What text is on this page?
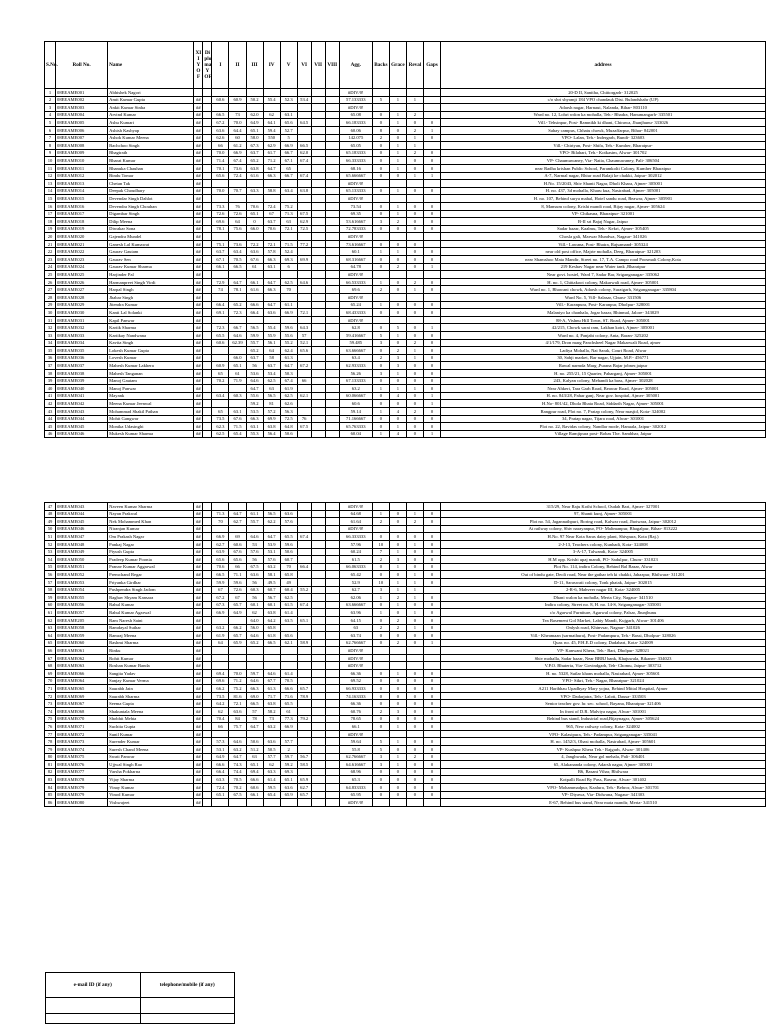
S.No.	Roll No.	Name	XI I Y O F	Di plo ma Y OF	I	II	III	IV	V	VI	VII	VIII	Agg.	Backs	Grace	Reval	Gaps	address
1	08EEAME001	Abhishek Nagori											#DIV/0!					20-D II, Sanitha, Chittorgarh- 312025
2	08EEAME002	Amit Kumar Gupta	##		60.6	60.9	50.2	55.4	52.3	53.4			57.133333	5	1	1		c/o shri shyamji 184 VPO chandauk Dist. Bulandshahr (UP)
3	08EEAME003	Ankit Kumar Sinha	##										#DIV/0!					Adarsh nagar, Harnaut, Nalanda, Bihar- 803110
4	08EEAME004	Arvind Kumar	##		66.5	73	62.0	62	63.1				65.08	0	1	2		Ward no. 12, Lohri wdon ka mohalla, Teh.- Bhadra, Hanumangarh- 335501
5	08EEAME005	Ashu Kumari	##		67.2	70.0	64.9	64.1	65.6	64.5			66.183333	0	1	0	0	Vill.- Tehsinpur, Post- Ramnikh ki dhani, Chirawa, Jhunjhunu- 333026
6	08EEAME006	Ashish Kashyap	##		63.6	64.4	65.1	59.4	52.7				60.06	8	0	2	1	Sahay campus, Chhatu chowk, Muzaffarpur, Bihar- 842001
7	08EEAME007	Ashok Kumar Meena	##		62.6	60	58.0	550	5				142.075	2	0	1	0	VPO- Lalan, Teh.- Indergarh, Bundi- 323603
8	08EEAME008	Bachchoo Singh	##		66	61.2	67.3	62.9	66.9	66.5			65.05	0	1	1		Vill.- Chiriyan, Post- Shifa, Teh.- Kumher, Bharatpur-
9	08EEAME009	Bhagirath	##		70.0	66.9	63.7	61.7	66.7	62.0			65.183333	0	1	2	0	VPO- Bilahari, Teh.- Kotkasim, Alwar- 301702
10	08EEAME010	Bharat Kumar	##		71.4	67.4	65.2	71.2	67.1	67.4			66.333333	0	1	0	0	VP- Chaumuwaney, Via- Natia, Chaumuwaney, Pali- 306504
11	08EEAME011	Bhanuka Chauhan	##		70.1	73.6	63.8	64.7	65				68.16	0	1	0	0	near Radha krishan Public School, Paramkolti Colony, Kumher Bharatpur
12	08EEAME012	Bindu Tomar	##		65.6	72.4	61.6	66.3	66.7	67.4			65.666667	0	0	1	1	A-7, Narmal nagar, Bhiur road Balaji ke chakki, Jaipur- 302012
13	08EEAME013	Chetan Tak	##										#DIV/0!					H.No. 15/2043, Shiv Shanti Nagar, Dholi Khara, Ajmer- 305001
14	08EEAME014	Deepak Choudhary	##		70.0	70.7	63.3	58.8	63.4	63.8			65.133333	0	1	0	0	H. no. 437, 3d mohalla, Kharu kua, Nasirabad, Ajmer- 305001
15	08EEAME015	Devendar Singh Dahlot	##										#DIV/0!					H. no. 107, Behind surya mahal, Hotel sandu road, Beawar, Ajmer- 305901
16	08EEAME016	Devendra Singh Chouhan	##		73.3	76	70.6	72.4	75.2				73.54	0	1	0	0	8, Mansum colony, Krishi mandi road, Bijay nagar, Ajmer- 305624
17	08EEAME017	Digambar Singh	##		72.6	72.6	65.1	67	71.3	67.5			69.35	0	1	0	0	VP- Chikasna, Bharatpur- 321001
18	08EEAME018	Dilip Meena	##		69.6	64	0	63.7	63	62.9			53.616667	3	2	0	0	B-II sri Bajaj Nagar, Jaipur
19	08EEAME019	Diwakar Sona	##		78.1	75.6	66.0	70.6	72.1	72.5			72.783333	0	0	0	0	Sadar bazar, Kaalmu, Teh.- Kekri, Ajmer- 305405
20	08EEAME020	Gajendra Mundel	##										#DIV/0!					Chosla gali, Marwar Mundwa, Nagaur- 341026
21	08EEAME021	Ganesh Lal Kumawat	##		75.1	73.6	72.2	72.1	71.5	77.2			73.616667	0	0	0		Vill.- Lawana, Post- Bhatra, Rajsamand- 305324
22	08EEAME022	Gaurav Gautam	##		63.7	63.4	63.6	57.8	52.4				60.1	1	1	0	0	near old post office, Majrie mohalla, Deeg, Bharatpur- 321203
23	08EEAME023	Gaurav Sen	##		67.1	70.5	67.6	66.3	69.3	69.9			68.316667	0	0	0	0	near Shamshoo Mata Mandir, Street no. 17, T.A. Campo road Poosmalt Colony,Kota
24	08EEAME024	Gaurav Kumar Sharma	##		66.1	66.5	61	63.1	6				64.78	0	2	0	1	219 Keshav Nagar near Water tank ,Bharatpur
25	08EEAME025	Harjinder Pal	##										#DIV/0!					Near govt. hostel, Ward 7, Sadar Bar, Sriganganagar- 335062
26	08EEAME026	Harmanpreet Singh Virdi	##		72.9	64.7	66.1	64.7	62.5	64.6			66.533333	1	0	2	0	H. no. 1, Chittakoot colony, Makarwali road, Ajmer- 305001
27	08EEAME027	Harpal Singh	##		74	78.1	61.6	66.3	70				69.6	2	0	1	0	Ward no. 1, Bhawani chowk, Adarsh colony, Suratgarh, Sriganganagar- 335804
28	08EEAME028	Jhabar Singh	##										#DIV/0!					Ward No. 5, Vill- Salasar, Churu- 331506
29	08EEAME029	Jitendra Kumar	##		66.4	65.2	66.6	64.7	61.1				65.24	1	0	0	0	Vill.- Karanpura, Post- Karanpur, Dholpur- 328001
30	08EEAME030	Kanti Lal Solanki	##		69.1	72.3	66.4	63.6	66.9	72.1			68.433333	0	0	0	0	Malaniyo ka chanhala, Jogar bazar, Bhinmal, Jalore- 343029
31	08EEAME031	Kapil Panwar	##										#DIV/0!					88-A, Vishnu Hill Town, ST. Road, Ajmer- 305001
32	08EEAME032	Kartik Sharma	##		72.3	66.7	56.5	55.4	59.6	64.3			62.8	0	5	0	1	42/215, Chowk sarai ram, Lakhan kotri, Ajmer- 305001
33	08EEAME033	Kartikay Nandwana	##		65.5	64.6	59.9	55.9	55.6	57			59.416667	5	1	0	0	Ward no. 4, Panjabi colony, Anta, Baran- 325202
34	08EEAME034	Kavita Singh	##		60.6	62.39	55.7	56.1	55.2	52.1			59.485	3	0	2	0	4/1/179, Dron marg Panchsheel Nagar Makarwali Road, ajmer
35	08EEAME035	Lokesh Kumar Gupta	##				65.2	64	62.4	65.6			63.666667	0	2	1	0	Ladiya Mohalla, Nai Sarak, Court Road, Alwar
36	08EEAME036	Lovesh Kumar	##			66.0	63.7	58	61.3				63.4	2	3	1	0	30, Sabji market, Bar nagar, Ujjain, M.P.- 456771
37	08EEAME037	Mahesh Kumar Lakhera	##		60.9	65.1	56	63.7	64.7	67.2			62.933333	0	3	0	0	Rawal narmda Marg ,Purana Bajar jobner,jaipur
38	08EEAME038	Mahesh Tanganan	##		65	61	53.6	53.4	50.3				56.26	3	1	0	0	H. no. 255/21, 15 Quarter, Paharganj, Ajmer- 305001
39	08EEAME039	Manoj Gautam	##		70.2	71.9	64.6	62.5	67.4	66			67.133333	0	0	0	0	243, Kalyan colony, Mehandi ka bass, Ajmer- 302028
40	08EEAME040	Manoj Panwar	##				64.7	63	61.9				63.2	1	1	1	0	Near Ahkeri, Tara Garh Road, Beawar Road, Ajmer- 305001
41	08EEAME041	Mayank	##		63.4	60.3	55.6	56.5	62.5	62.1			60.066667	0	4	0	1	H. no. 843/28, Pahar ganj, Near gov. hospital, Ajmer- 305001
42	08EEAME042	Meena Kumar Jeenwal	##				59.2	81	62.6				60.6	0	0	0	1	H.No- 801/42, Dhola Bhata Road, Siddarth Nagar, Ajmer- 305001
43	08EEAME043	Mohammad Shakil Pathan	##		65	63.1	53.5	57.2	56.3				59.14	1	4	2	0	Rangpur road, Plot no. 7, Pratap colony, Near masjid, Kota- 324002
44	08EEAME044	Mohit Gangwar	##		73.5	67.6	66.3	69.9	72.5	76			71.166667	0	0	0	0	34, Pratap nagar, Tijara road, Alwar- 301001
45	08EEAME045	Monika Udasinghi	##		62.3	71.5	63.1	63.8	64.8	67.5			65.763333	0	1	0	0	Plot no. 22, Ravidas colony, Nandlar mode, Hanuala, Jaipur- 302012
46	08EEAME046	Mukesh Kumar Sharma	##		62.5	65.4	55.3	56.4	50.6				60.04	1	4	0	1	Village Ramjipura post- Bobas The. Sambhar, Jaipur
47	08EEAME043	Naveen Kumar Sharma	##										#DIV/0!					315/29, Near Raju Kothi School, Oudah Bari, Ajmer- 327001
48	08EEAME044	Nayan Prakwal	##		71.3	64.7	61.1	56.5	63.6				64.68	1	0	1	0	97, Shanti kunj, Ajmer- 305001
49	08EEAME045	Nek Mohammed Khan	##		70	62.7	55.7	62.2	57.6				61.64	2	0	2	0	Plot no. 54, Jagannathpuri, Boring road, Kalwar road, Jhotwara, Jaipur- 302012
50	08EEAME046	Niranjan Kumar	##										#DIV/0!					At railway colony, Shiv narayanpur, PO- Maltmanpur, Bhagalpur, Bihar- 813222
51	08EEAME047	Om Prakash Nagar	##		66.9	69	64.6	64.7	65.5	67.4			66.333333	0	0	0	0	H.No. 97 Near Kota Saras dairy plant, Shivpura, Kota (Raj.)
52	08EEAME048	Pankaj Nagar	##		62.7	60.6	53	53.9	59.6				57.96	10	0	1	0	2-J-13, Teachers colony, Kunhadi, Kota- 324008
53	08EEAME049	Piyush Gupta	##		63.9	67.6	57.6	53.1	50.6				60.24	7	1	0	0	3-A-17, Talwandi, Kota- 324005
54	08EEAME050	Pradeep Kumar Poonia	##		65.6	65.6	56	57.6	60.7				61.5	2	3	0	0	H.M opp. Krishi upaj mandi, PO- Sadulpur, Churu- 331023
55	08EEAME051	Pranav Kumar Aggarwal	##		70.6	66	67.5	63.2	70	66.4			66.063333	0	1	0	0	Plot No. 114, indira Colony, Behind Bal Bazar, Alwar
56	08EEAME052	Premchand Regar	##		66.5	71.1	63.6	58.1	65.8				65.42	0	0	1	0	Out of bindu gate, Deoli road, Near the gathar teh ki chakki, Jahazpur, Bhilwara- 311201
57	08EEAME053	Priyanka Girdhar	##		59.9	59.6	56	49.5	49				52.9	10	1	1	0	D-11, Saraswati colony, Tonk phatak, Jaipur- 302015
58	08EEAME054	Pushpendra Singh Jadom	##		67	72.6	60.3	60.7	60.4	55.2			62.7	3	1	1		2-R-6, Mahveer nagar III, Kota- 324005
59	08EEAME055	Raghav Shyam Kansara	##		67.2	67	56	56.7	62.5				62.06	1	2	1	0	Dhani walon ka mohalla, Merta City, Nagaur- 341510
60	08EEAME056	Rahul Kumar	##		67.3	65.7	60.1	60.1	61.5	67.4			63.666667	0	1	0	0	Indira colony, Street no. 8, H. no. 14-S, Sriganganagar- 335001
61	08EEAME057	Rahul Kumar Agarwal	##		66.9	64.9	62	63.8	61.4				63.96	1	0	1	0	c/o Agarwal Furniture, Agarwal colony, Palsar, Jhunjhunu
62	08EEAME205	Ram Naresh Saini	##				64.0	64.2	63.5	65.1			64.15	0	2	0	0	Tea Basement Gol Market, Labiy Mandi, Kujgarh, Alwar- 301406
63	08EEAME058	Ramdayal Suthar	##		63.2	66.2	56.0	65.8					63	2	2	1	0	Onlysh road, Khinvsar, Nagaur- 341026
64	08EEAME059	Ramraj Meena	##		61.9	65.7	64.6	61.8	65.6				63.74	0	0	0	0	Vill.- Kheamaan (sarmathura), Post- Padampura, Teh.- Bassi, Dholpur- 328026
65	08EEAME060	Rashmi Sharma	##		64	65.9	65.2	66.5	62.1	58.9			62.766667	0	2	0	1	Quar. no. 45, P.H.E.D colony, Dadabari, Kota- 324009
66	08EEAME061	Rinku	##										#DIV/0!					VP- Kanwani Khera, Teh.- Bari, Dholpur- 328021
67	08EEAME062	Rohit Kumar	##										#DIV/0!					Shiv mohalla, Sadar bazar, Near BRBJ bank, Khajuwala, Bikaner- 334023
68	08EEAME063	Roshan Kumar Banda	##										#DIV/0!					V.P.O. Bhuteria, Via- Govindgarh, Teh- Chomu, Jaipur- 303712
69	08EEAME066	Sangita Yadav	##		69.4	70.0	59.7	64.6	61.4				66.36	0	1	0	0	H. no. 5328, Sutlar khans mohalla, Nasirabad, Ajmer- 305601
70	08EEAME064	Sanjay Kumar Verma	##		69.6	71.2	64.6	67.7	70.5				69.52	0	0	0	0	VPO- Sikri, Teh.- Nagar, Bharatpur- 321024
71	08EEAME065	Saurabh Jain	##		66.2	75.2	66.3	61.3	66.6	65.7			66.933333	0	0	0	0	A211 Haribhau Upadhyay Mary yojna, Behind Mittal Hospital, Ajmer
72	08EEAME069	Saurabh Sharma	##		73.5	81.6	69.0	71.7	71.6	78.9			74.163333	0	0	0	0	VPO- Dadarjatra, Teh.- Laloti, Dausa- 333503
73	08EEAME067	Seema Gupta	##		64.2	72.1	66.5	63.8	65.5				66.36	0	0	0	0	Senior teacher gov. hr. sec. school, Bayana, Bharatpur- 321406
74	08EEAME068	Shakuntala Meena	##		62	63.6	57	58.2	61				60.76	2	3	0	0	In front of D.R. Malviya nagar, Alwar- 301001
75	08EEAME070	Shobhit Mehta	##		70.4	84	78	73	77.3	79.2			78.65	0	0	0	0	Behind bus stand, Industrial road,Bijaynagar, Ajmer- 305624
76	08EEAME071	Suchita Gupta	##		66	75.7	64.7	63.2	66.9				66.1	0	1	0	0	965, New railway colony, Kota- 324002
77	08EEAME072	Sunil Kumar	##										#DIV/0!					VPO- Kalasipura, Teh.- Padampur, Sriganganagar- 335041
78	08EEAME073	Surender Kumar	##		57.3	64.6	50.6	63.6	57.7				59.64	5	1	0	0	H. no. 1452/3, Ohasi mohalla, Nasirabad, Ajmer- 305601
79	08EEAME074	Suresh Chand Meena	##		53.1	63.2	51.2	50.5	2				55.8	5	0	0	0	VP- Kushpur Khera Teh.- Rajgarh, Alwar- 301406
80	08EEAME075	Swati Panwar	##		64.9	64.7	63	57.7	59.7	56.7			62.766667	3	1	2	0	4, Janghwada, Near gol mehala, Pali- 306401
81	08EEAME076	Ujjwal Singh Rao	##		66.6	74.3	65.1	62	59.2	58.5			64.616667	3	1	0	0	65, Alakananda colony, Adarsh nagar, Ajmer- 305001
82	08EEAME077	Varsha Pokharna	##		66.4	74.4	69.4	63.3	69.3				68.96	0	0	0	0	B6, Basant Vihar, Bhilwara
83	08EEAME078	Vijay Sharma	##		63.3	70.5	66.6	61.4	65.1	65.9			65.3	0	0	0	0	Kotpalli Road By Pass, Baseur, Alwar- 301402
84	08EEAME079	Vinay Kumar	##		72.4	70.2	60.6	59.5	63.6	62.7			64.833333	0	0	0	0	VPO- Mohammadpur, Kaalura, Teh.- Behror, Alwar- 301701
85	08EEAME079	Vinod Kumar	##		65.1	67.5	66.1	65.4	65.9	65.7			65.95	0	0	0	0	VP- Diyawa, Via- Didwana, Nagaur- 341303
86	08EEAME080	Vishwajeet	##										#DIV/0!					E-67, Behind bus stand, Near mata mandir, Merta- 341510
e-mail ID (if any)	telephone/mobile (if any)
